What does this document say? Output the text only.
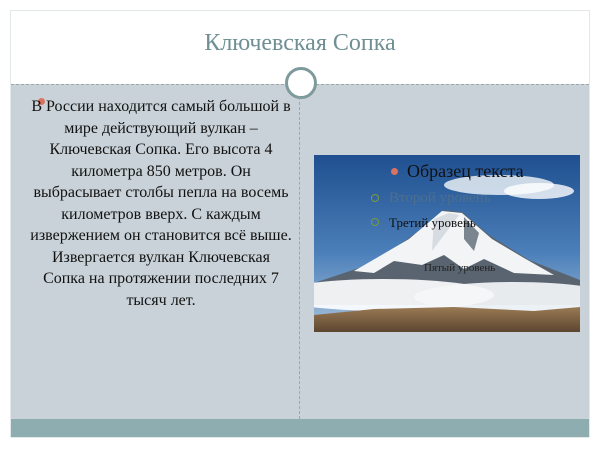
Ключевская Сопка

В России находится самый большой в мире действующий вулкан – Ключевская Сопка. Его высота 4 километра 850 метров. Он выбрасывает столбы пепла на восемь километров вверх. С каждым извержением он становится всё выше. Извергается вулкан Ключевская Сопка на протяжении последних 7 тысяч лет.

Образец текста
Второй уровень
Третий уровень
Пятый уровень
